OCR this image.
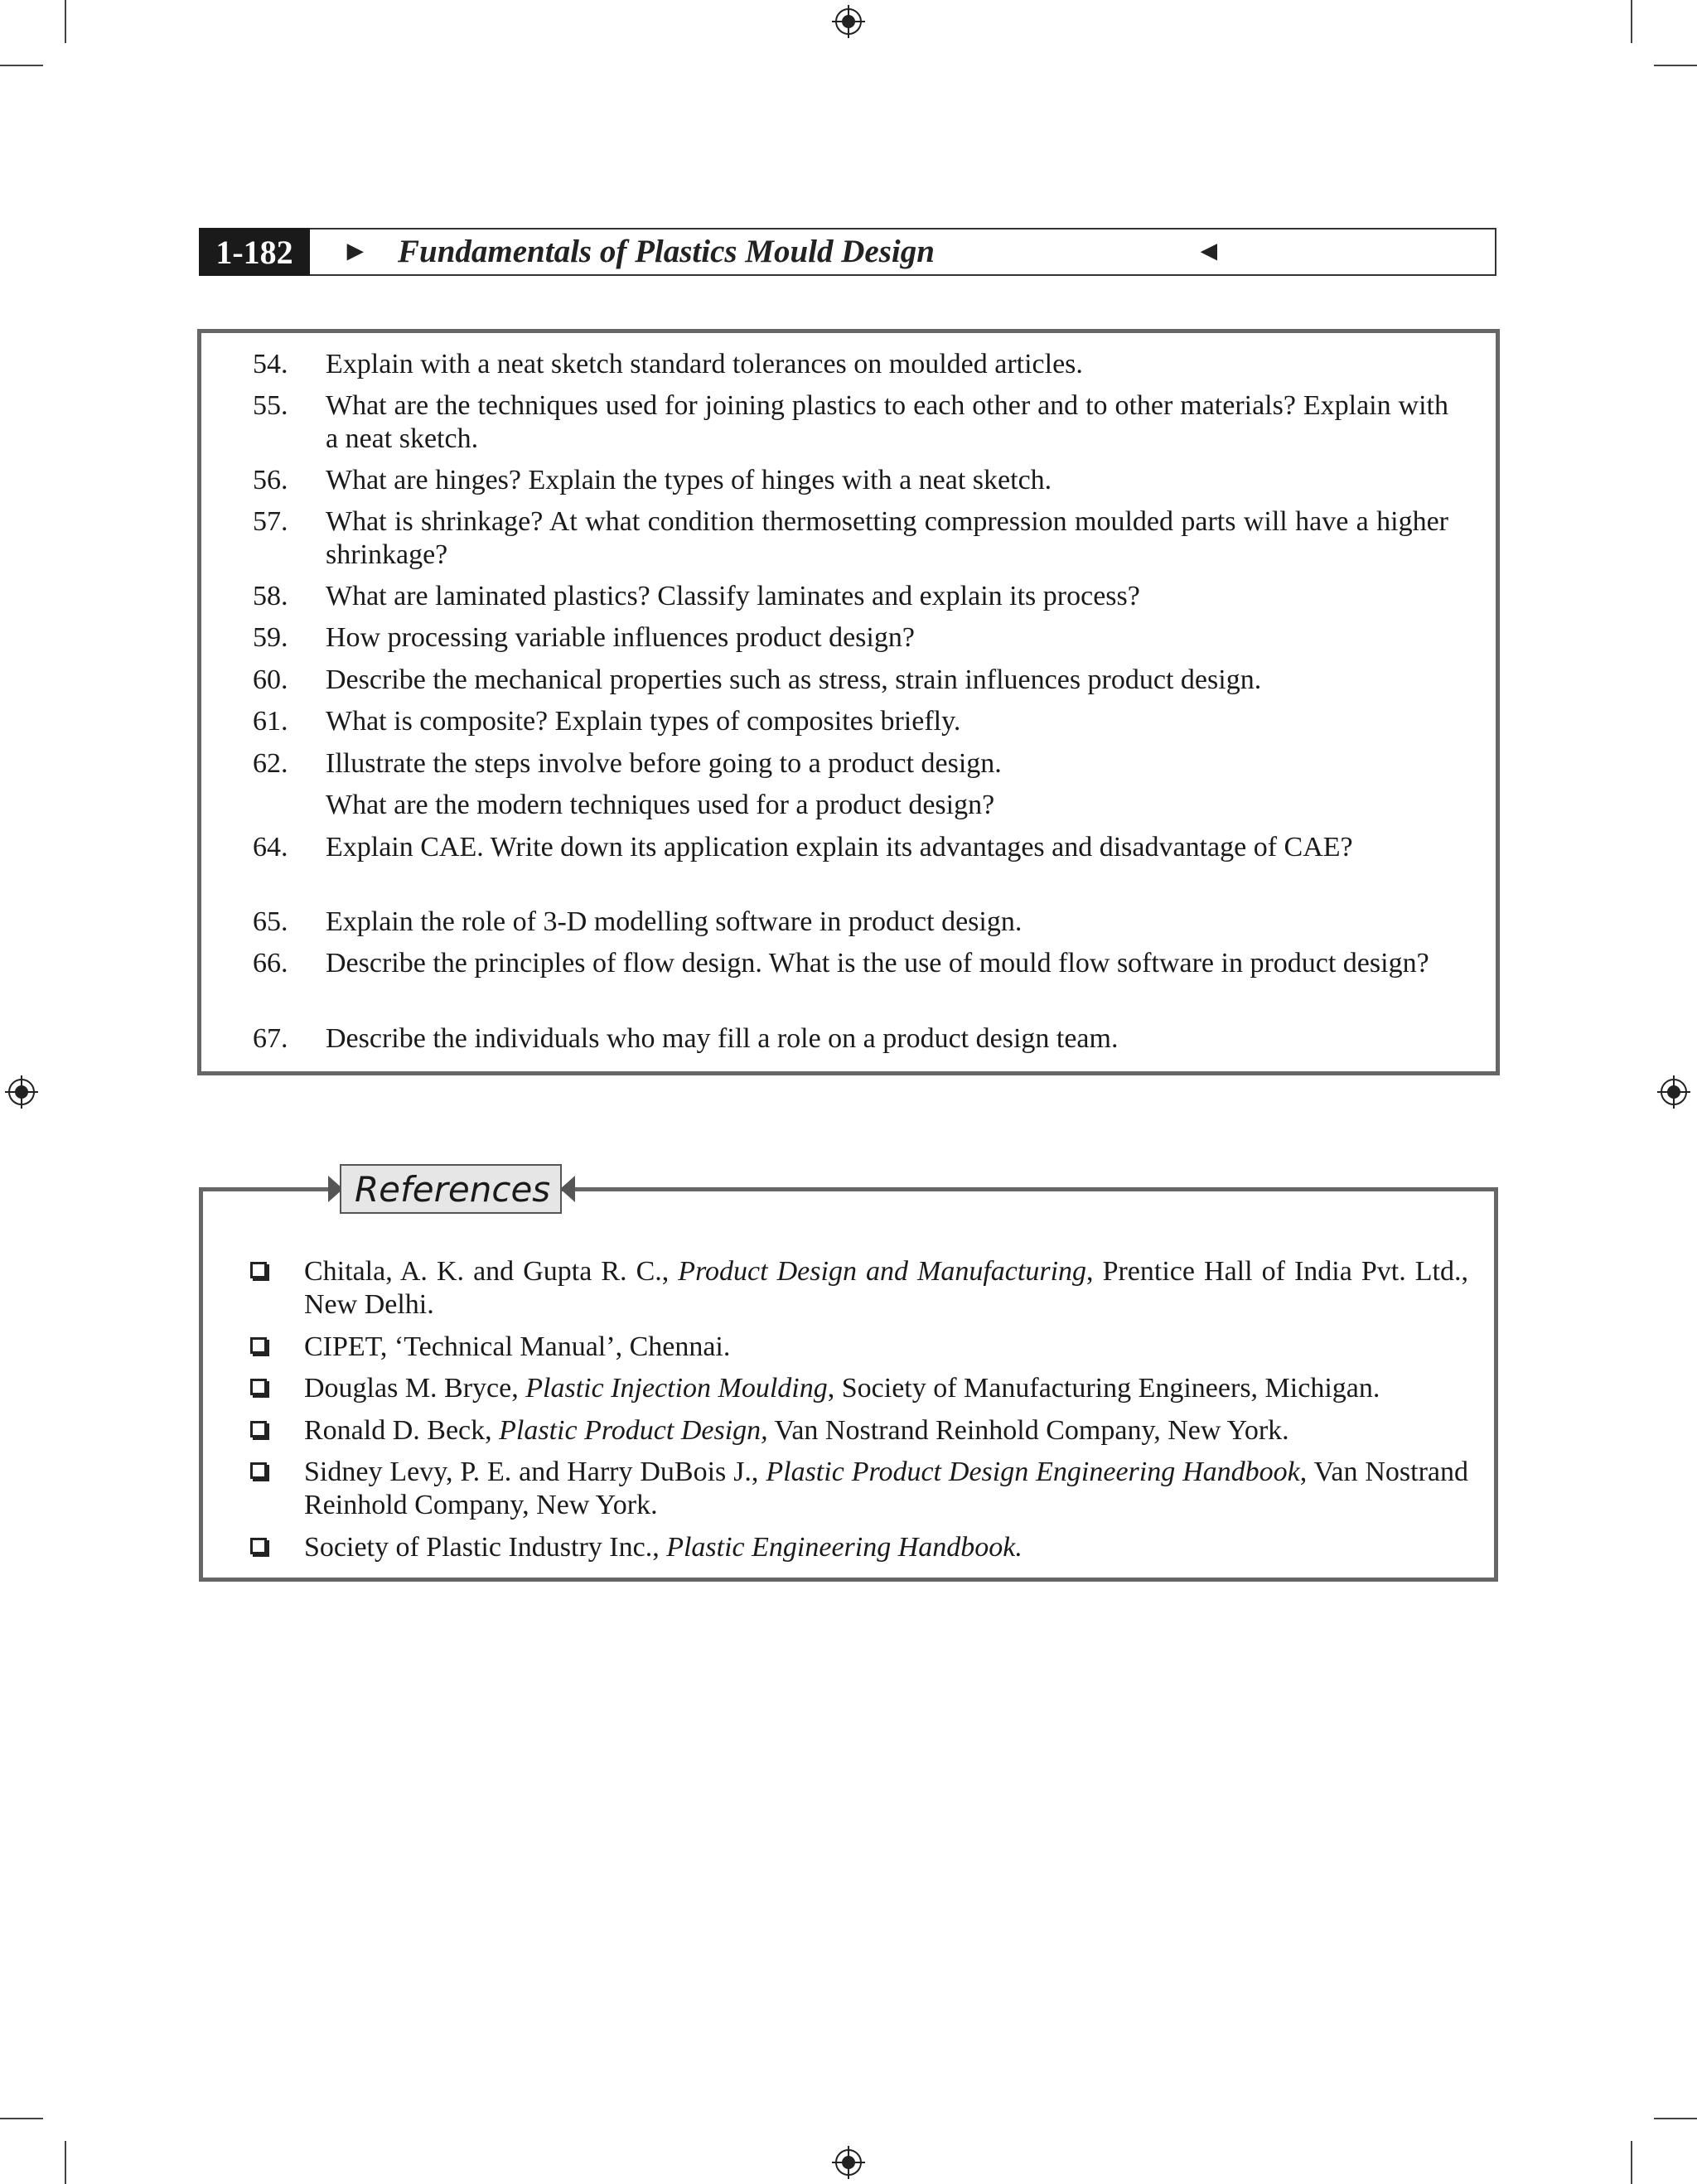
1-182	► Fundamentals of Plastics Mould Design	◄
54.	Explain with a neat sketch standard tolerances on moulded articles.
55.	What are the techniques used for joining plastics to each other and to other materials? Explain with a neat sketch.
56.	What are hinges? Explain the types of hinges with a neat sketch.
57.	What is shrinkage? At what condition thermosetting compression moulded parts will have a higher shrinkage?
58.	What are laminated plastics? Classify laminates and explain its process?
59.	How processing variable influences product design?
60.	Describe the mechanical properties such as stress, strain influences product design.
61.	What is composite? Explain types of composites briefly.
62.	Illustrate the steps involve before going to a product design.
What are the modern techniques used for a product design?
64.	Explain CAE. Write down its application explain its advantages and disadvantage of CAE?
65.	Explain the role of 3-D modelling software in product design.
66.	Describe the principles of flow design. What is the use of mould flow software in product design?
67.	Describe the individuals who may fill a role on a product design team.
Chitala, A. K. and Gupta R. C., Product Design and Manufacturing, Prentice Hall of India Pvt. Ltd., New Delhi.
CIPET, ‘Technical Manual’, Chennai.
Douglas M. Bryce, Plastic Injection Moulding, Society of Manufacturing Engineers, Michigan.
Ronald D. Beck, Plastic Product Design, Van Nostrand Reinhold Company, New York.
Sidney Levy, P. E. and Harry DuBois J., Plastic Product Design Engineering Handbook, Van Nostrand Reinhold Company, New York.
Society of Plastic Industry Inc., Plastic Engineering Handbook.
References
